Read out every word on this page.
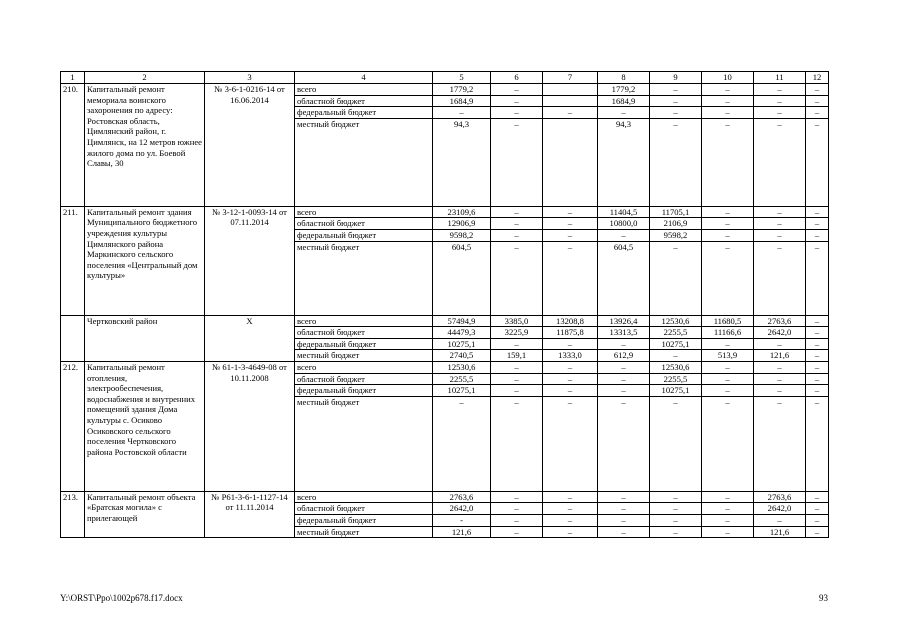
1	2	3	4	5	6	7	8	9	10	11	12
210.	Капитальный ремонт мемориала воинского захоронения по адресу: Ростовская область, Цимлянский район, г. Цимлянск, на 12 метров южнее жилого дома по ул. Боевой Славы, 30	№ 3-6-1-0216-14 от 16.06.2014	всего	1779,2	–		1779,2	–	–	–	–
			областной бюджет	1684,9	–		1684,9	–	–	–	–
			федеральный бюджет	–	–	–	–	–	–	–	–
			местный бюджет	94,3	–		94,3	–	–	–	–
211.	Капитальный ремонт здания Муниципального бюджетного учреждения культуры Цимлянского района Маркинского сельского поселения «Центральный дом культуры»	№ 3-12-1-0093-14 от 07.11.2014	всего	23109,6	–	–	11404,5	11705,1	–	–	–
			областной бюджет	12906,9	–	–	10800,0	2106,9	–	–	–
			федеральный бюджет	9598,2	–	–	–	9598,2	–	–	–
			местный бюджет	604,5	–	–	604,5	–	–	–	–
	Чертковский район	Х	всего	57494,9	3385,0	13208,8	13926,4	12530,6	11680,5	2763,6	–
			областной бюджет	44479,3	3225,9	11875,8	13313,5	2255,5	11166,6	2642,0	–
			федеральный бюджет	10275,1	–	–	–	10275,1	–	–	–
			местный бюджет	2740,5	159,1	1333,0	612,9	–	513,9	121,6	–
212.	Капитальный ремонт отопления, электрообеспечения, водоснабжения и внутренних помещений здания Дома культуры с. Осиково Осиковского сельского поселения Чертковского района Ростовской области	№ 61-1-3-4649-08 от 10.11.2008	всего	12530,6	–	–	–	12530,6	–	–	–
			областной бюджет	2255,5	–	–	–	2255,5	–	–	–
			федеральный бюджет	10275,1	–	–	–	10275,1	–	–	–
			местный бюджет	–	–	–	–	–	–	–	–
213.	Капитальный ремонт объекта «Братская могила» с прилегающей	№ Р61-3-6-1-1127-14 от 11.11.2014	всего	2763,6	–	–	–	–	–	2763,6	–
			областной бюджет	2642,0	–	–	–	–	–	2642,0	–
			федеральный бюджет	-	–	–	–	–	–	–	–
			местный бюджет	121,6	–	–	–	–	–	121,6	–
Y:\ORST\Ppo\1002p678.f17.docx	93
